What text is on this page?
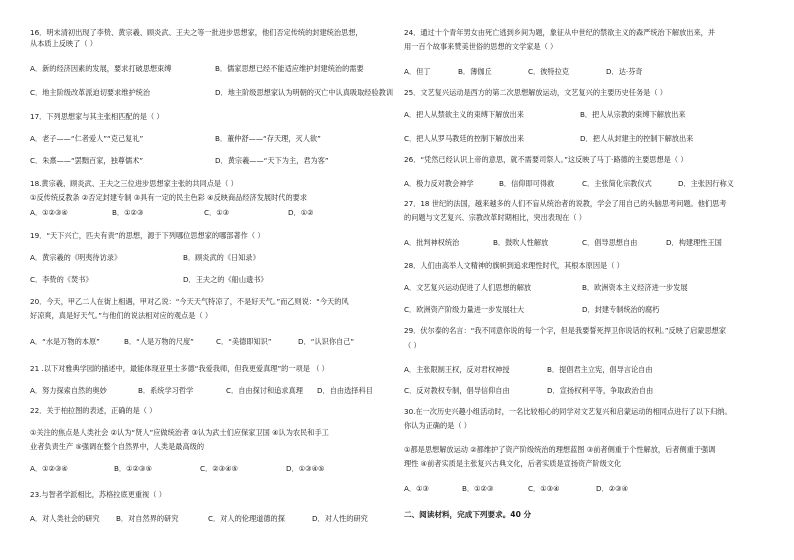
16．明末清初出现了李贽、黄宗羲、顾炎武、王夫之等一批进步思想家，他们否定传统的封建统治思想，
从本质上反映了（ ）
A．新的经济因素的发展，要求打破思想束缚	B．儒家思想已经不能适应维护封建统治的需要
C．地主阶级改革派迫切要求维护统治	D．地主阶级思想家认为明朝的灭亡中认真吸取经验教训
17．下列思想家与其主张相匹配的是（ ）
A．老子——“仁者爱人”“克己复礼”	B．董仲舒——“存天理，灭人欲”
C．朱熹——“罢黜百家，独尊儒术”	D．黄宗羲——“天下为主，君为客”
18.黄宗羲、顾炎武、王夫之三位进步思想家主张的共同点是（ ）
①反传统反教条 ②否定封建专制 ③具有一定的民主色彩 ④反映商品经济发展时代的要求
A．①②③④	B．①②③	C．①③	D．①②
19．“天下兴亡，匹夫有责”的思想，源于下列哪位思想家的哪部著作（ ）
A．黄宗羲的《明夷待访录》	B．顾炎武的《日知录》
C．李贽的《焚书》	D．王夫之的《船山遗书》
20．今天，甲乙二人在街上相遇，甲对乙说：“今天天气特凉了，不是好天气。”而乙则说：“今天的风
好凉爽，真是好天气。”与他们的说法相对应的观点是（ ）
A．“水是万物的本原”	B．“人是万物的尺度”	C．“美德即知识”	D．“认识你自己”
21 .以下对雅典学园的描述中，最能体现亚里士多德“我爱我师，但我更爱真理”的一项是 （ ）
A．努力探索自然的奥妙	B．系统学习哲学	C．自由探讨和追求真理 D．自由选择科目
22．关于柏拉图的表述，正确的是（ ）
①关注的焦点是人类社会 ②认为“贤人”应做统治者 ③认为武士们应保家卫国 ④认为农民和手工
业者负责生产 ⑤强调在整个自然界中，人类是最高级的
A．①②③④	B．①②③⑤	C．②③④⑤	D．①③④⑤
23.与智者学派相比，苏格拉底更重视（ ）
A．对人类社会的研究 B．对自然界的研究	C．对人的伦理道德的探	D．对人性的研究
24．通过十个青年男女由死亡逃到乡间为题，象征从中世纪的禁欲主义的森严统治下解放出来，并
用一百个故事来赞美世俗的思想的文学家是（ ）
A．但丁	B．薄伽丘	C．彼特拉克	D．达·芬奇
25．文艺复兴运动是西方的第二次思想解放运动，文艺复兴的主要历史任务是（ ）
A．把人从禁欲主义的束缚下解放出来	B．把人从宗教的束缚下解放出来
C．把人从罗马教廷的控制下解放出来	D．把人从封建主的控制下解放出来
26．“凭然已经认识上帝的意思，就不需要司祭人。”这反映了马丁·路德的主要思想是（ ）
A．极力反对教会神学	B．信仰即可得救	C．主张简化宗教仪式	D．主张因行称义
27．18 世纪的法国，越来越多的人们不盲从统治者的说教，学会了用自己的头脑思考问题。他们思考
的问题与文艺复兴、宗教改革时期相比，突出表现在（ ）
A．批判神权统治	B．鼓吹人性解放	C．倡导思想自由	D．构建理性王国
28．人们由高举人文精神的旗帜到追求理性时代，其根本原因是（ ）
A．文艺复兴运动促进了人们思想的解放	B．欧洲资本主义经济进一步发展
C．欧洲资产阶级力量进一步发展壮大	D．封建专制统治的腐朽
29．伏尔泰的名言：“我不同意你说的每一个字，但是我要誓死捍卫你说话的权利。”反映了启蒙思想家
（ ）
A．主张限制王权，反对君权神授	B．提倡君主立宪，倡导言论自由
C．反对教权专制，倡导信仰自由	D．宣扬权利平等，争取政治自由
30.在一次历史兴趣小组活动时，一名比较相心的同学对文艺复兴和启蒙运动的相同点进行了以下归纳。
你认为正确的是（ ）
①都是思想解放运动 ②都维护了资产阶级统治的理想蓝图 ③前者侧重于个性解放，后者侧重于强调
理性 ④前者实质是主张复兴古典文化，后者实质是宣扬资产阶级文化
A．①③	B．①②③	C．①③④	D．②③④
二、阅读材料，完成下列要求。40 分
